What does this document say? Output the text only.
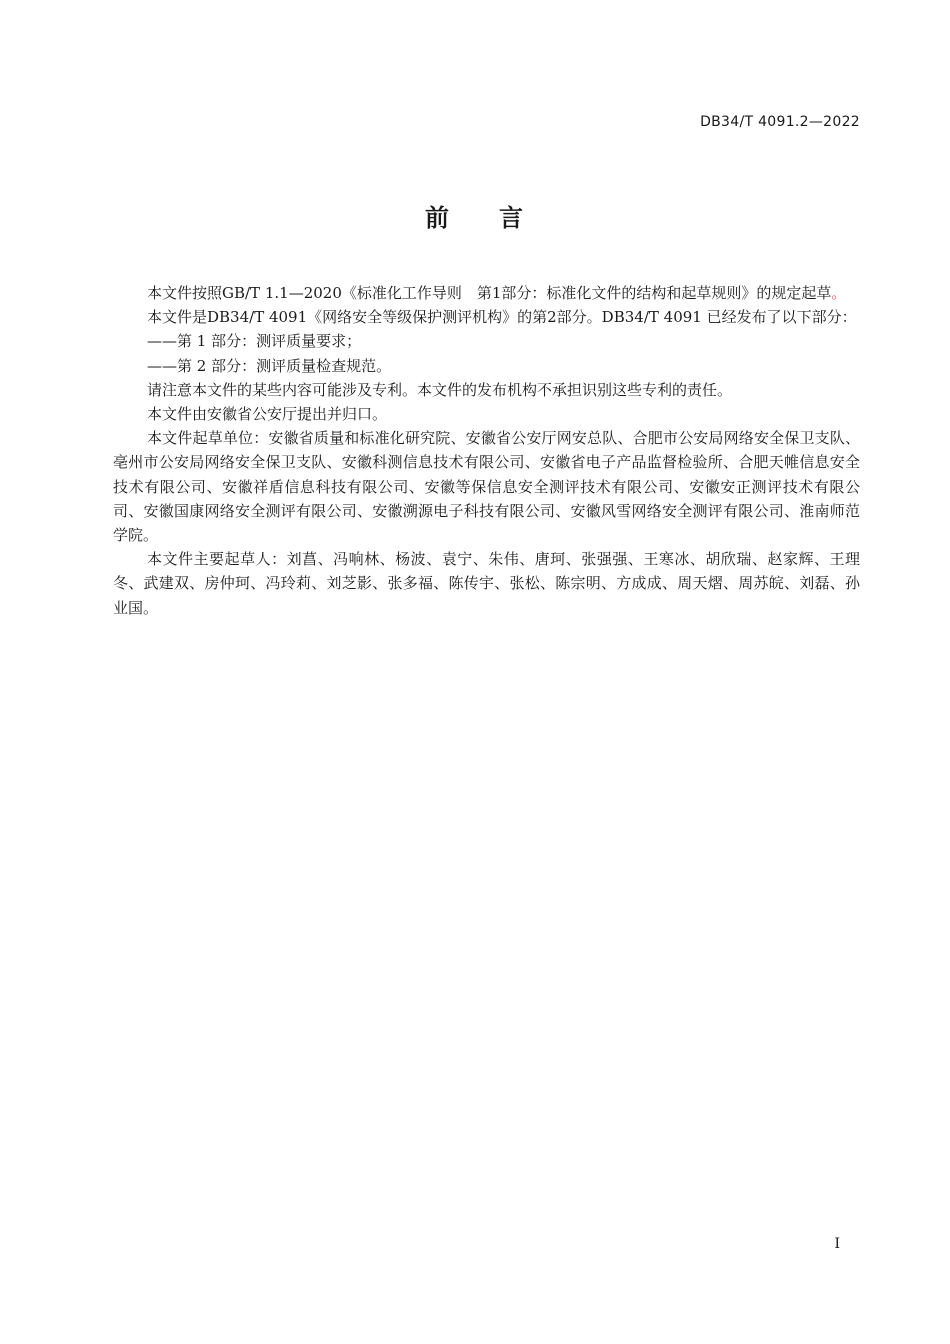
DB34/T 4091.2—2022
前 言

本文件按照GB/T 1.1—2020《标准化工作导则　第1部分：标准化文件的结构和起草规则》的规定起草。

本文件是DB34/T 4091《网络安全等级保护测评机构》的第2部分。DB34/T 4091 已经发布了以下部分：

——第 1 部分：测评质量要求；

——第 2 部分：测评质量检查规范。

请注意本文件的某些内容可能涉及专利。本文件的发布机构不承担识别这些专利的责任。

本文件由安徽省公安厅提出并归口。

本文件起草单位：安徽省质量和标准化研究院、安徽省公安厅网安总队、合肥市公安局网络安全保卫支队、亳州市公安局网络安全保卫支队、安徽科测信息技术有限公司、安徽省电子产品监督检验所、合肥天帷信息安全技术有限公司、安徽祥盾信息科技有限公司、安徽等保信息安全测评技术有限公司、安徽安正测评技术有限公司、安徽国康网络安全测评有限公司、安徽溯源电子科技有限公司、安徽风雪网络安全测评有限公司、淮南师范学院。

本文件主要起草人：刘菖、冯响林、杨波、袁宁、朱伟、唐珂、张强强、王寒冰、胡欣瑞、赵家辉、王理冬、武建双、房仲珂、冯玲莉、刘芝影、张多福、陈传宇、张松、陈宗明、方成成、周天熠、周苏皖、刘磊、孙业国。

I
